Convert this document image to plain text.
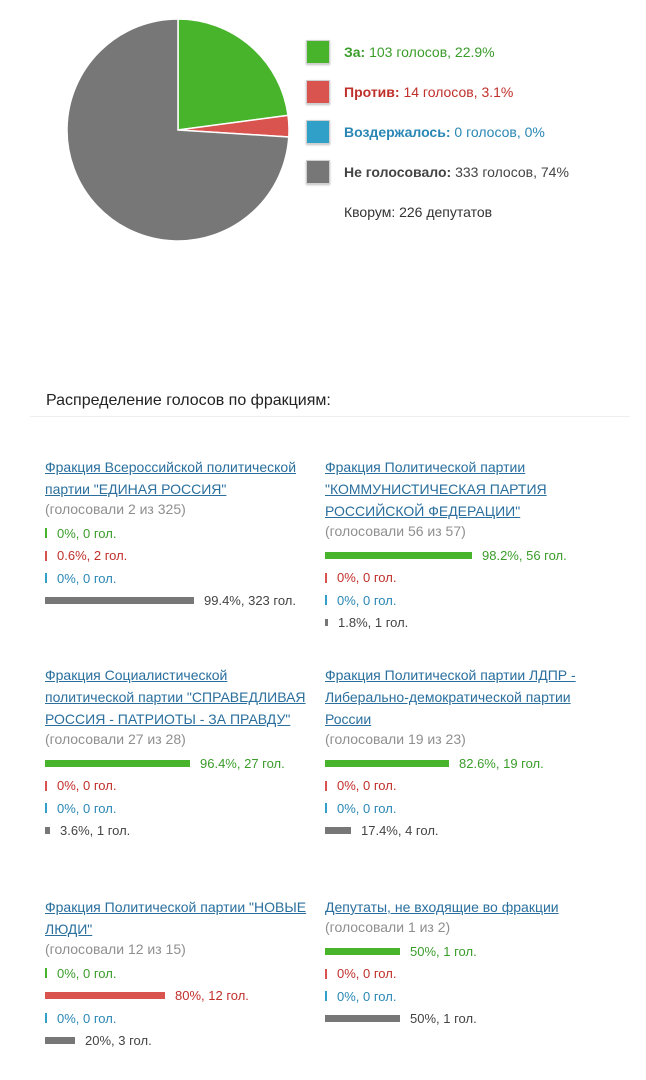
За: 103 голосов, 22.9%
Против: 14 голосов, 3.1%
Воздержалось: 0 голосов, 0%
Не голосовало: 333 голосов, 74%
Кворум: 226 депутатов
Распределение голосов по фракциям:
Фракция Всероссийской политической партии "ЕДИНАЯ РОССИЯ"
(голосовали 2 из 325)
0%, 0 гол.
0.6%, 2 гол.
0%, 0 гол.
99.4%, 323 гол.
Фракция Политической партии "КОММУНИСТИЧЕСКАЯ ПАРТИЯ РОССИЙСКОЙ ФЕДЕРАЦИИ"
(голосовали 56 из 57)
98.2%, 56 гол.
0%, 0 гол.
0%, 0 гол.
1.8%, 1 гол.
Фракция Социалистической политической партии "СПРАВЕДЛИВАЯ РОССИЯ - ПАТРИОТЫ - ЗА ПРАВДУ"
(голосовали 27 из 28)
96.4%, 27 гол.
0%, 0 гол.
0%, 0 гол.
3.6%, 1 гол.
Фракция Политической партии ЛДПР - Либерально-демократической партии России
(голосовали 19 из 23)
82.6%, 19 гол.
0%, 0 гол.
0%, 0 гол.
17.4%, 4 гол.
Фракция Политической партии "НОВЫЕ ЛЮДИ"
(голосовали 12 из 15)
0%, 0 гол.
80%, 12 гол.
0%, 0 гол.
20%, 3 гол.
Депутаты, не входящие во фракции
(голосовали 1 из 2)
50%, 1 гол.
0%, 0 гол.
0%, 0 гол.
50%, 1 гол.
